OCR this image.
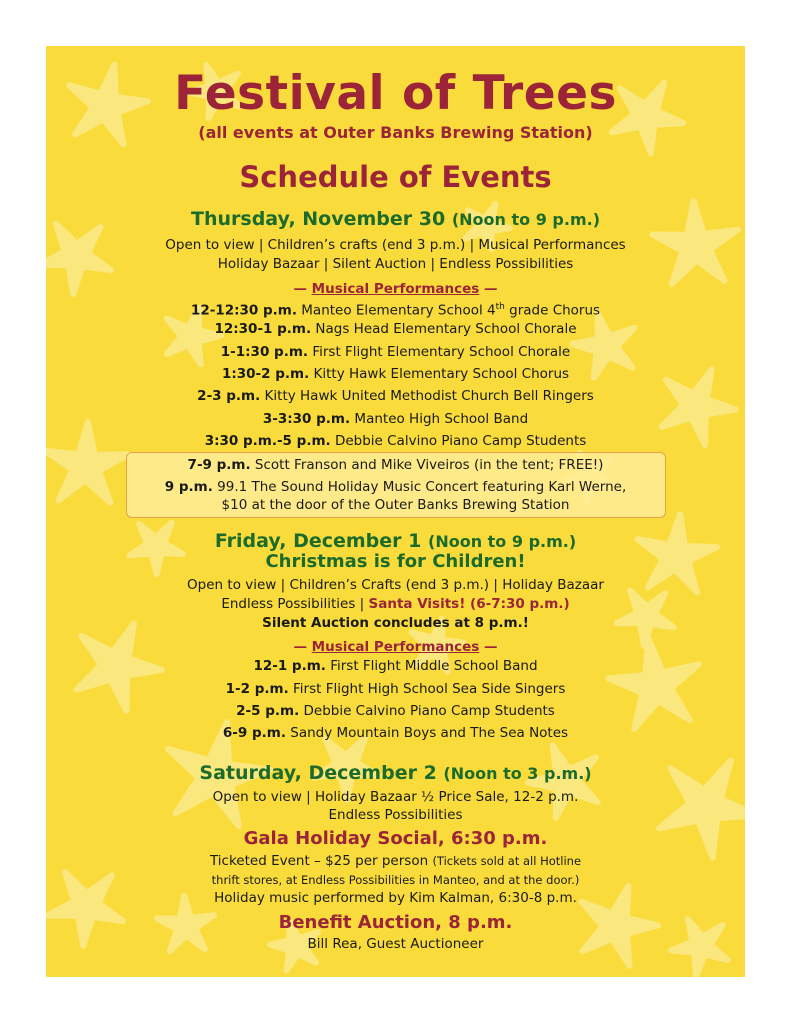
Festival of Trees
(all events at Outer Banks Brewing Station)
Schedule of Events
Thursday, November 30 (Noon to 9 p.m.)
Open to view | Children’s crafts (end 3 p.m.) | Musical Performances
Holiday Bazaar | Silent Auction | Endless Possibilities
— Musical Performances —
12-12:30 p.m. Manteo Elementary School 4th grade Chorus
12:30-1 p.m. Nags Head Elementary School Chorale
1-1:30 p.m. First Flight Elementary School Chorale
1:30-2 p.m. Kitty Hawk Elementary School Chorus
2-3 p.m. Kitty Hawk United Methodist Church Bell Ringers
3-3:30 p.m. Manteo High School Band
3:30 p.m.-5 p.m. Debbie Calvino Piano Camp Students
7-9 p.m. Scott Franson and Mike Viveiros (in the tent; FREE!)
9 p.m. 99.1 The Sound Holiday Music Concert featuring Karl Werne,
$10 at the door of the Outer Banks Brewing Station
Friday, December 1 (Noon to 9 p.m.)
Christmas is for Children!
Open to view | Children’s Crafts (end 3 p.m.) | Holiday Bazaar
Endless Possibilities | Santa Visits! (6-7:30 p.m.)
Silent Auction concludes at 8 p.m.!
— Musical Performances —
12-1 p.m. First Flight Middle School Band
1-2 p.m. First Flight High School Sea Side Singers
2-5 p.m. Debbie Calvino Piano Camp Students
6-9 p.m. Sandy Mountain Boys and The Sea Notes
Saturday, December 2 (Noon to 3 p.m.)
Open to view | Holiday Bazaar ½ Price Sale, 12-2 p.m.
Endless Possibilities
Gala Holiday Social, 6:30 p.m.
Ticketed Event – $25 per person (Tickets sold at all Hotline
thrift stores, at Endless Possibilities in Manteo, and at the door.)
Holiday music performed by Kim Kalman, 6:30-8 p.m.
Benefit Auction, 8 p.m.
Bill Rea, Guest Auctioneer
